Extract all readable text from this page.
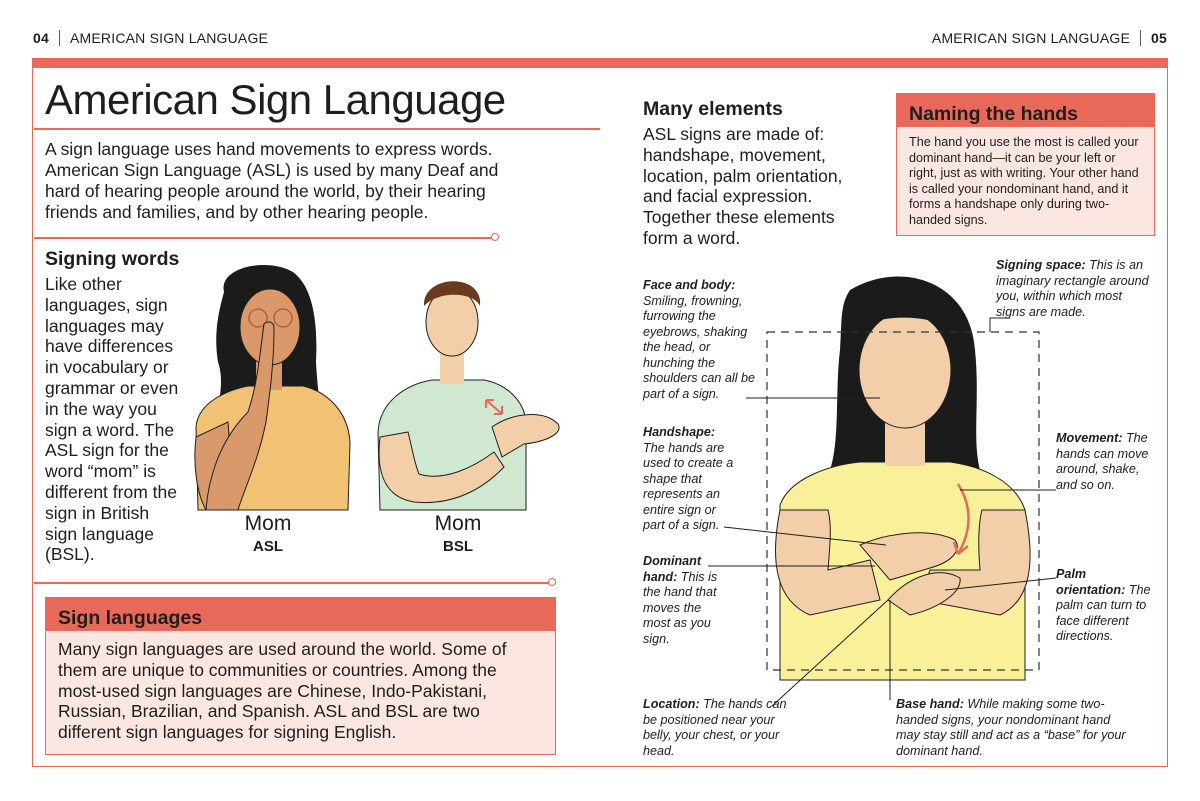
04 AMERICAN SIGN LANGUAGE	AMERICAN SIGN LANGUAGE 05
American Sign Language
A sign language uses hand movements to express words. American Sign Language (ASL) is used by many Deaf and hard of hearing people around the world, by their hearing friends and families, and by other hearing people.
Signing words
Like other languages, sign languages may have differences in vocabulary or grammar or even in the way you sign a word. The ASL sign for the word “mom” is different from the sign in British sign language (BSL).
Mom
ASL
Mom
BSL
Sign languages
Many sign languages are used around the world. Some of them are unique to communities or countries. Among the most-used sign languages are Chinese, Indo-Pakistani, Russian, Brazilian, and Spanish. ASL and BSL are two different sign languages for signing English.
Many elements
ASL signs are made of: handshape, movement, location, palm orientation, and facial expression. Together these elements form a word.
Naming the hands
The hand you use the most is called your dominant hand—it can be your left or right, just as with writing. Your other hand is called your nondominant hand, and it forms a handshape only during two-handed signs.
Face and body: Smiling, frowning, furrowing the eyebrows, shaking the head, or hunching the shoulders can all be part of a sign.
Handshape: The hands are used to create a shape that represents an entire sign or part of a sign.
Dominant hand: This is the hand that moves the most as you sign.
Location: The hands can be positioned near your belly, your chest, or your head.
Signing space: This is an imaginary rectangle around you, within which most signs are made.
Movement: The hands can move around, shake, and so on.
Palm orientation: The palm can turn to face different directions.
Base hand: While making some two-handed signs, your nondominant hand may stay still and act as a “base” for your dominant hand.
